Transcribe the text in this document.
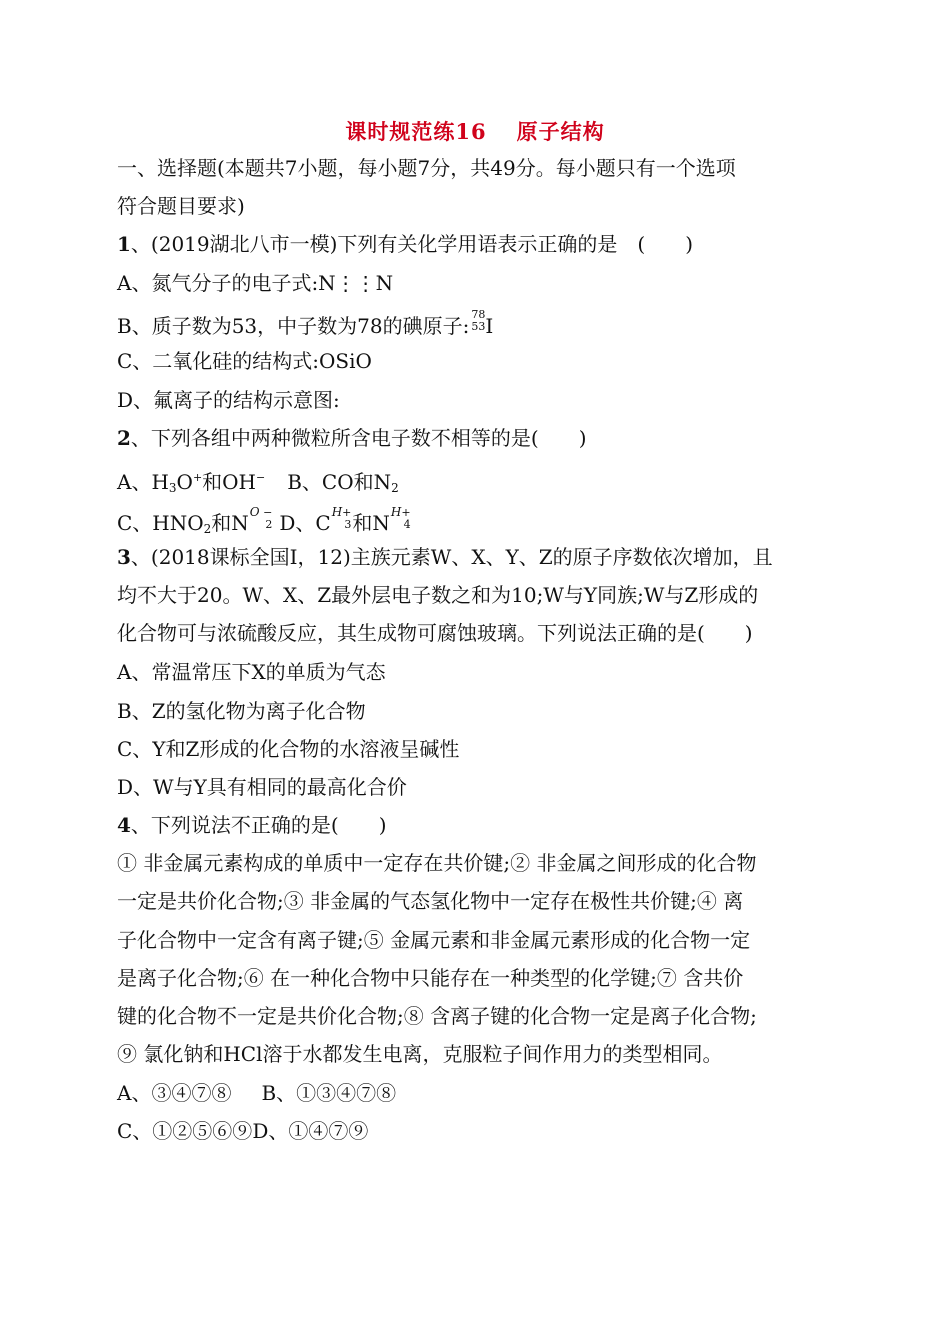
课时规范练16 原子结构
一、选择题(本题共7小题，每小题7分，共49分。每小题只有一个选项
符合题目要求)
1、(2019湖北八市一模)下列有关化学用语表示正确的是　(　　)
A、氮气分子的电子式:N⋮⋮N
B、质子数为53，中子数为78的碘原子: 78
53 I
C、二氧化硅的结构式:OSiO
D、氟离子的结构示意图:
2、下列各组中两种微粒所含电子数不相等的是(　　)
A、$H_3O^+$和OH− B、CO和$N_2$
C、$HNO_2$和N O −
2 D、C H+
3 和N H+
4
3、(2018课标全国Ⅰ，12)主族元素W、X、Y、Z的原子序数依次增加，且
均不大于20。W、X、Z最外层电子数之和为10;W与Y同族;W与Z形成的
化合物可与浓硫酸反应，其生成物可腐蚀玻璃。下列说法正确的是(　　)
A、常温常压下X的单质为气态
B、Z的氢化物为离子化合物
C、Y和Z形成的化合物的水溶液呈碱性
D、W与Y具有相同的最高化合价
4、下列说法不正确的是(　　)
① 非金属元素构成的单质中一定存在共价键;② 非金属之间形成的化合物
一定是共价化合物;③ 非金属的气态氢化物中一定存在极性共价键;④ 离
子化合物中一定含有离子键;⑤ 金属元素和非金属元素形成的化合物一定
是离子化合物;⑥ 在一种化合物中只能存在一种类型的化学键;⑦ 含共价
键的化合物不一定是共价化合物;⑧ 含离子键的化合物一定是离子化合物;
⑨ 氯化钠和HCl溶于水都发生电离，克服粒子间作用力的类型相同。
A、③④⑦⑧ B、①③④⑦⑧
C、①②⑤⑥⑨D、①④⑦⑨
